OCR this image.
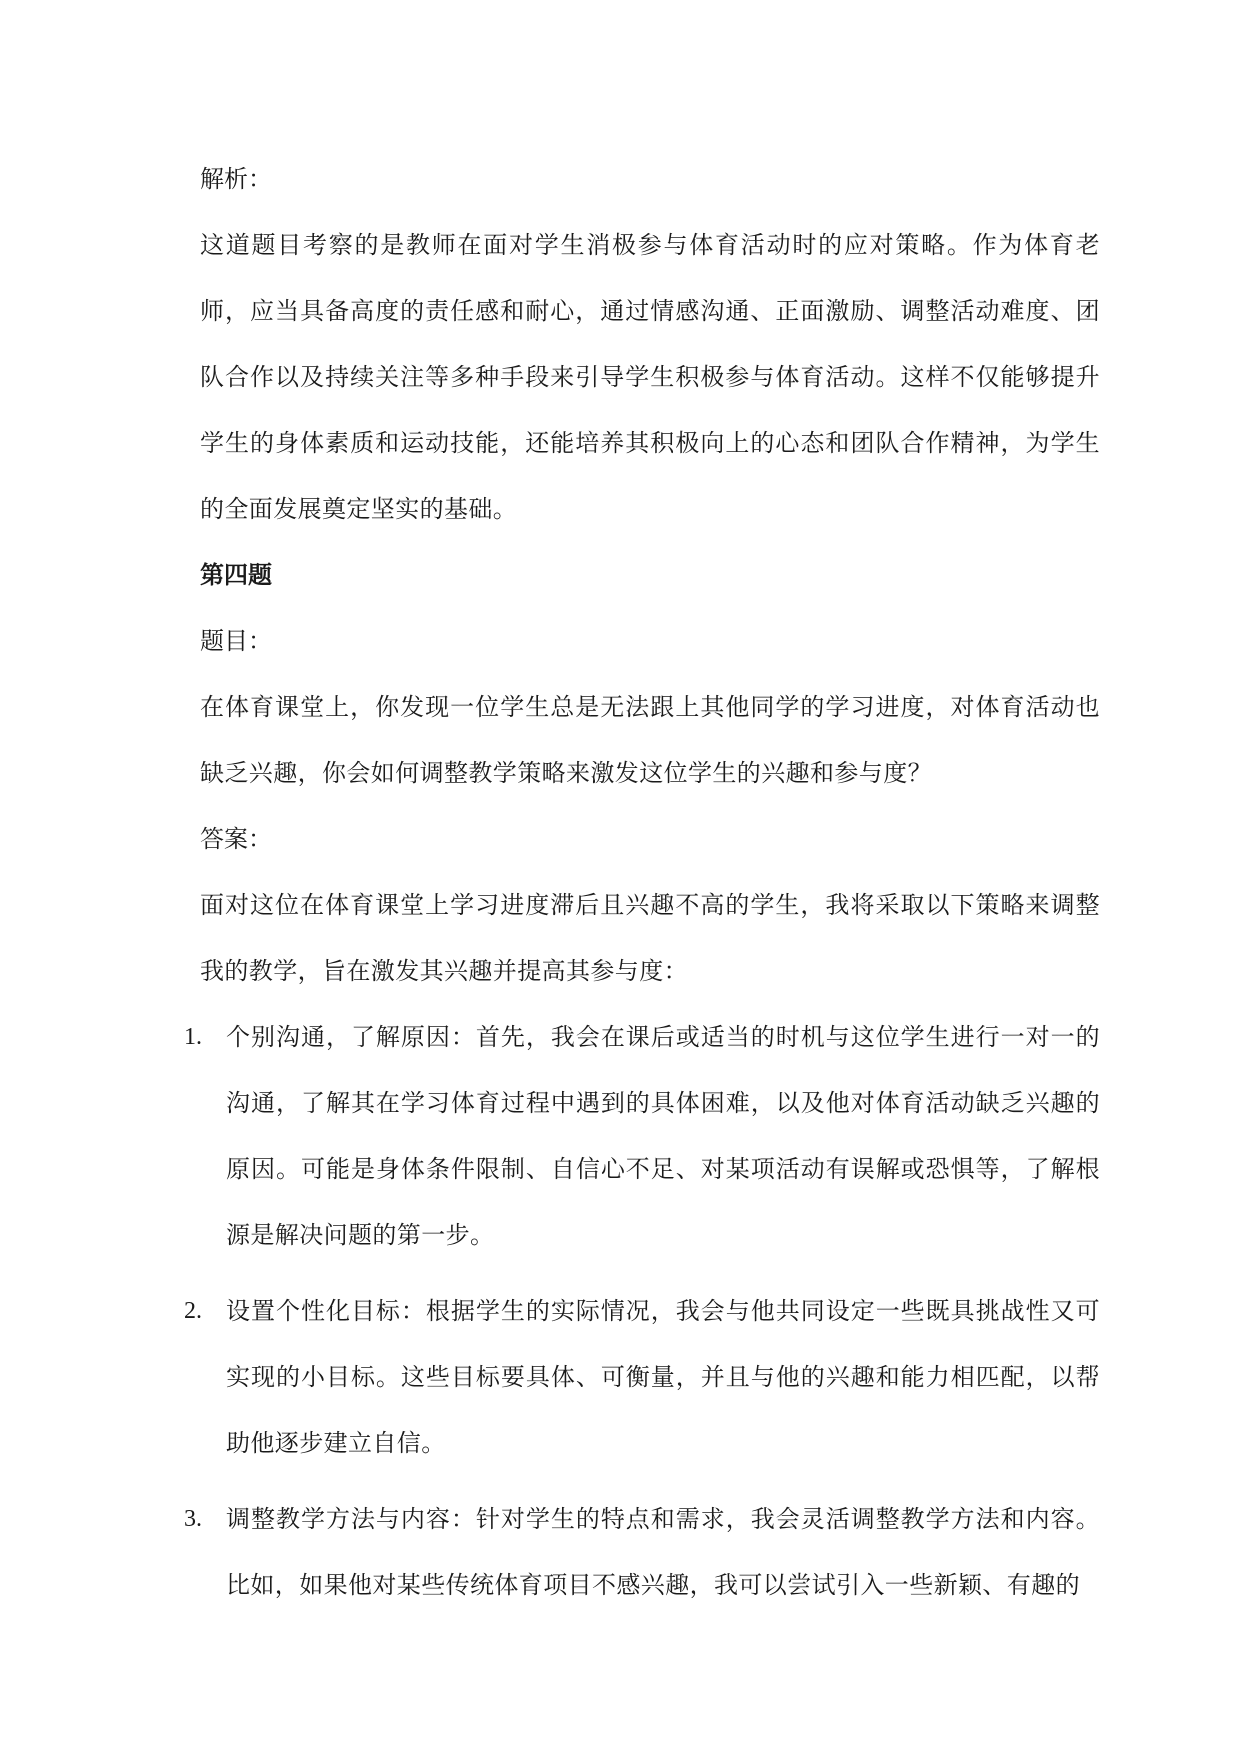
解析：

这道题目考察的是教师在面对学生消极参与体育活动时的应对策略。作为体育老师，应当具备高度的责任感和耐心，通过情感沟通、正面激励、调整活动难度、团队合作以及持续关注等多种手段来引导学生积极参与体育活动。这样不仅能够提升学生的身体素质和运动技能，还能培养其积极向上的心态和团队合作精神，为学生的全面发展奠定坚实的基础。

第四题

题目：

在体育课堂上，你发现一位学生总是无法跟上其他同学的学习进度，对体育活动也缺乏兴趣，你会如何调整教学策略来激发这位学生的兴趣和参与度？

答案：

面对这位在体育课堂上学习进度滞后且兴趣不高的学生，我将采取以下策略来调整我的教学，旨在激发其兴趣并提高其参与度：

1. 个别沟通，了解原因：首先，我会在课后或适当的时机与这位学生进行一对一的沟通，了解其在学习体育过程中遇到的具体困难，以及他对体育活动缺乏兴趣的原因。可能是身体条件限制、自信心不足、对某项活动有误解或恐惧等，了解根源是解决问题的第一步。

2. 设置个性化目标：根据学生的实际情况，我会与他共同设定一些既具挑战性又可实现的小目标。这些目标要具体、可衡量，并且与他的兴趣和能力相匹配，以帮助他逐步建立自信。

3. 调整教学方法与内容：针对学生的特点和需求，我会灵活调整教学方法和内容。比如，如果他对某些传统体育项目不感兴趣，我可以尝试引入一些新颖、有趣的
